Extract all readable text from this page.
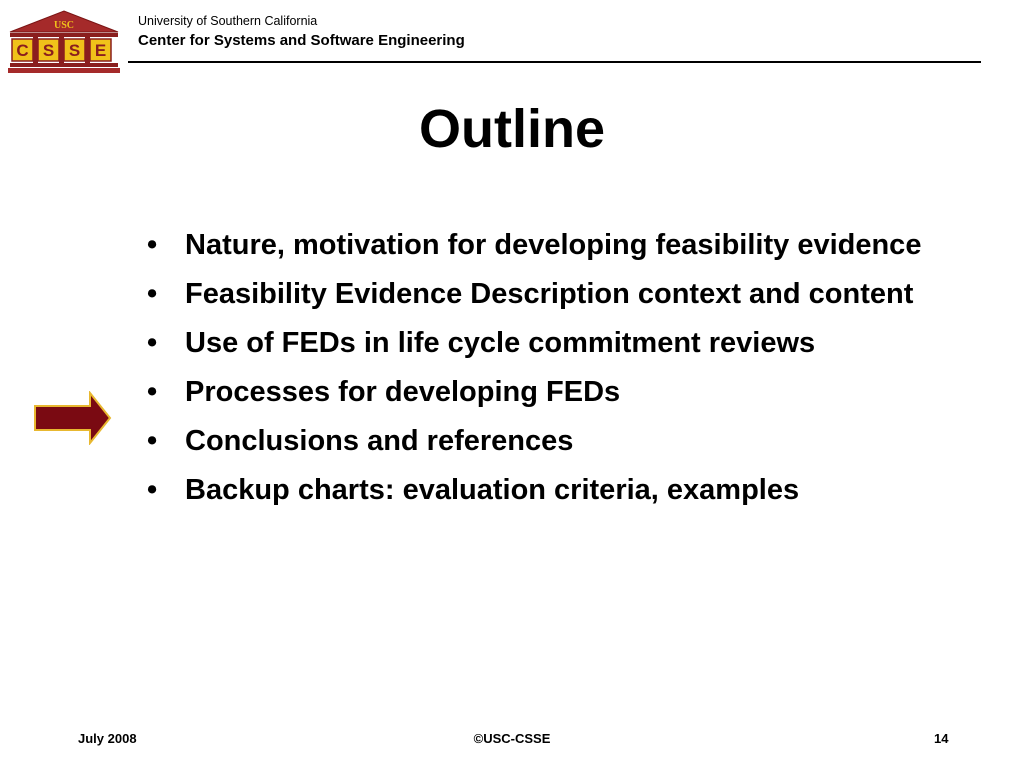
USC
C S S E
University of Southern California
Center for Systems and Software Engineering
Outline
• Nature, motivation for developing feasibility evidence
• Feasibility Evidence Description context and content
• Use of FEDs in life cycle commitment reviews
• Processes for developing FEDs
• Conclusions and references
• Backup charts: evaluation criteria, examples
July 2008	©USC-CSSE	14
